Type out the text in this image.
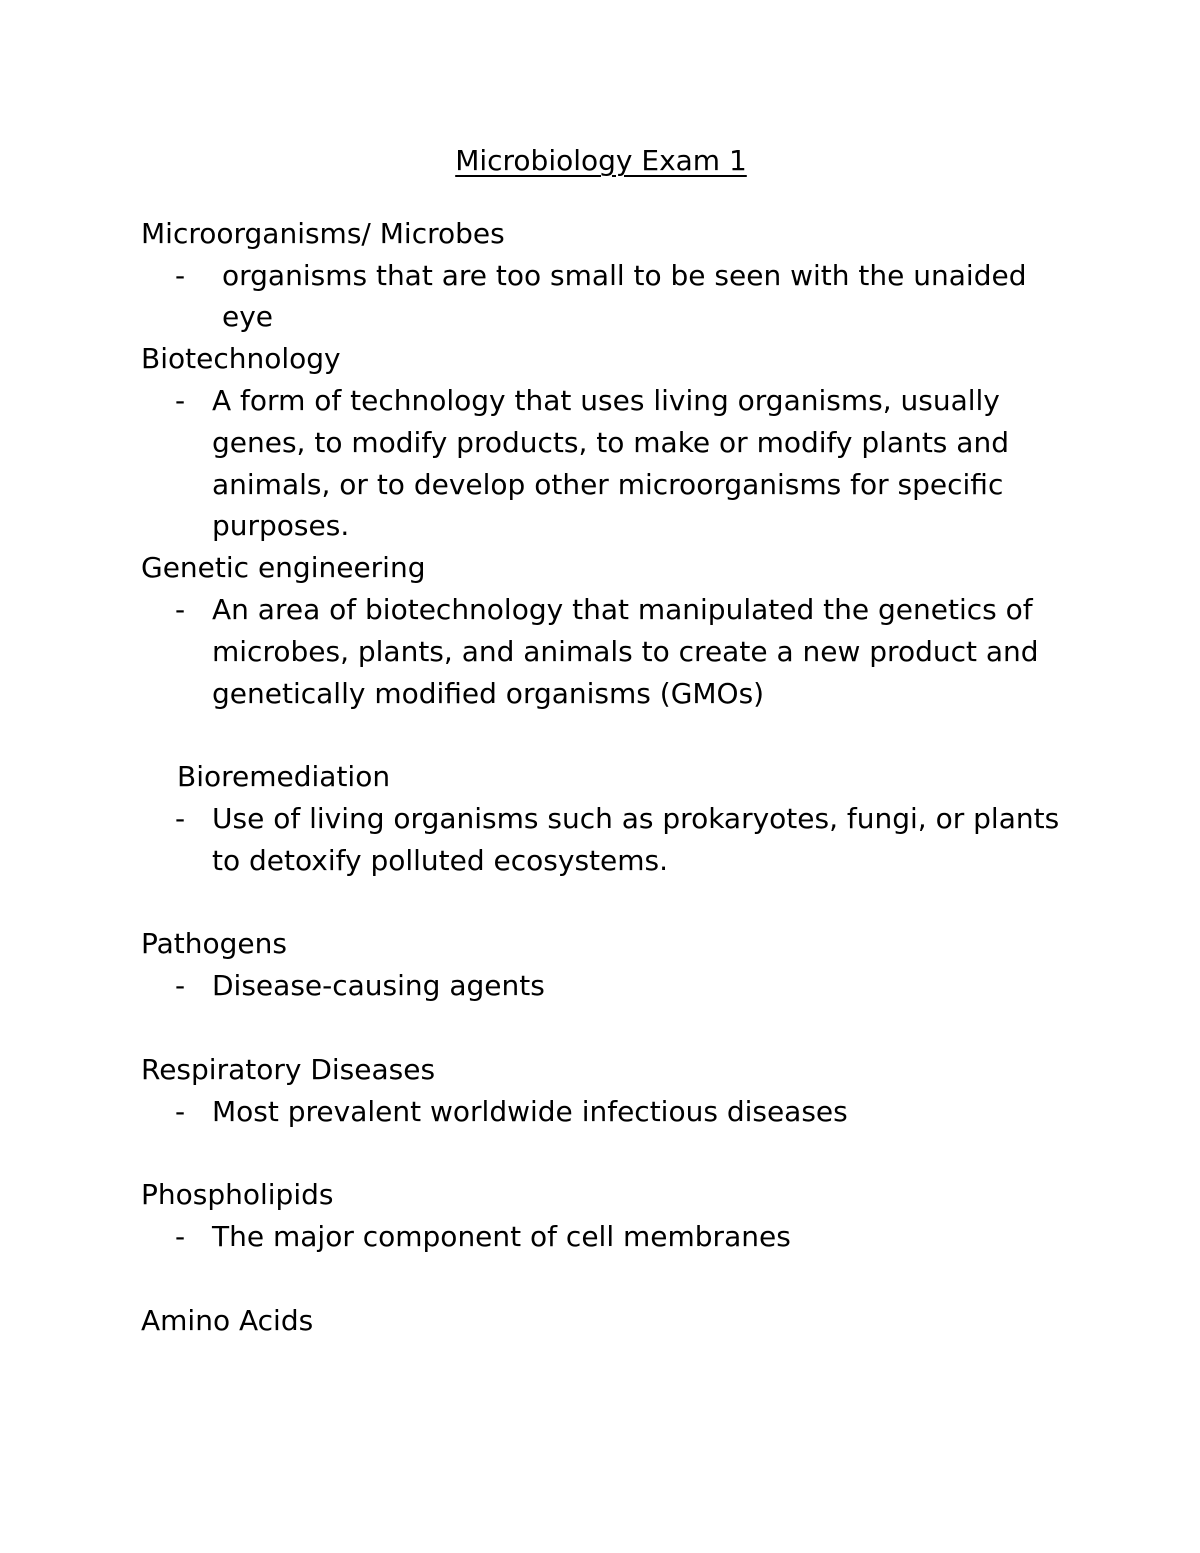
Microbiology Exam 1

Microorganisms/ Microbes

-	organisms that are too small to be seen with the unaided eye

Biotechnology

- A form of technology that uses living organisms, usually genes, to modify products, to make or modify plants and animals, or to develop other microorganisms for specific purposes.

Genetic engineering

- An area of biotechnology that manipulated the genetics of microbes, plants, and animals to create a new product and genetically modified organisms (GMOs)

Bioremediation

- Use of living organisms such as prokaryotes, fungi, or plants to detoxify polluted ecosystems.

Pathogens

- Disease-causing agents

Respiratory Diseases

- Most prevalent worldwide infectious diseases

Phospholipids

- The major component of cell membranes

Amino Acids
